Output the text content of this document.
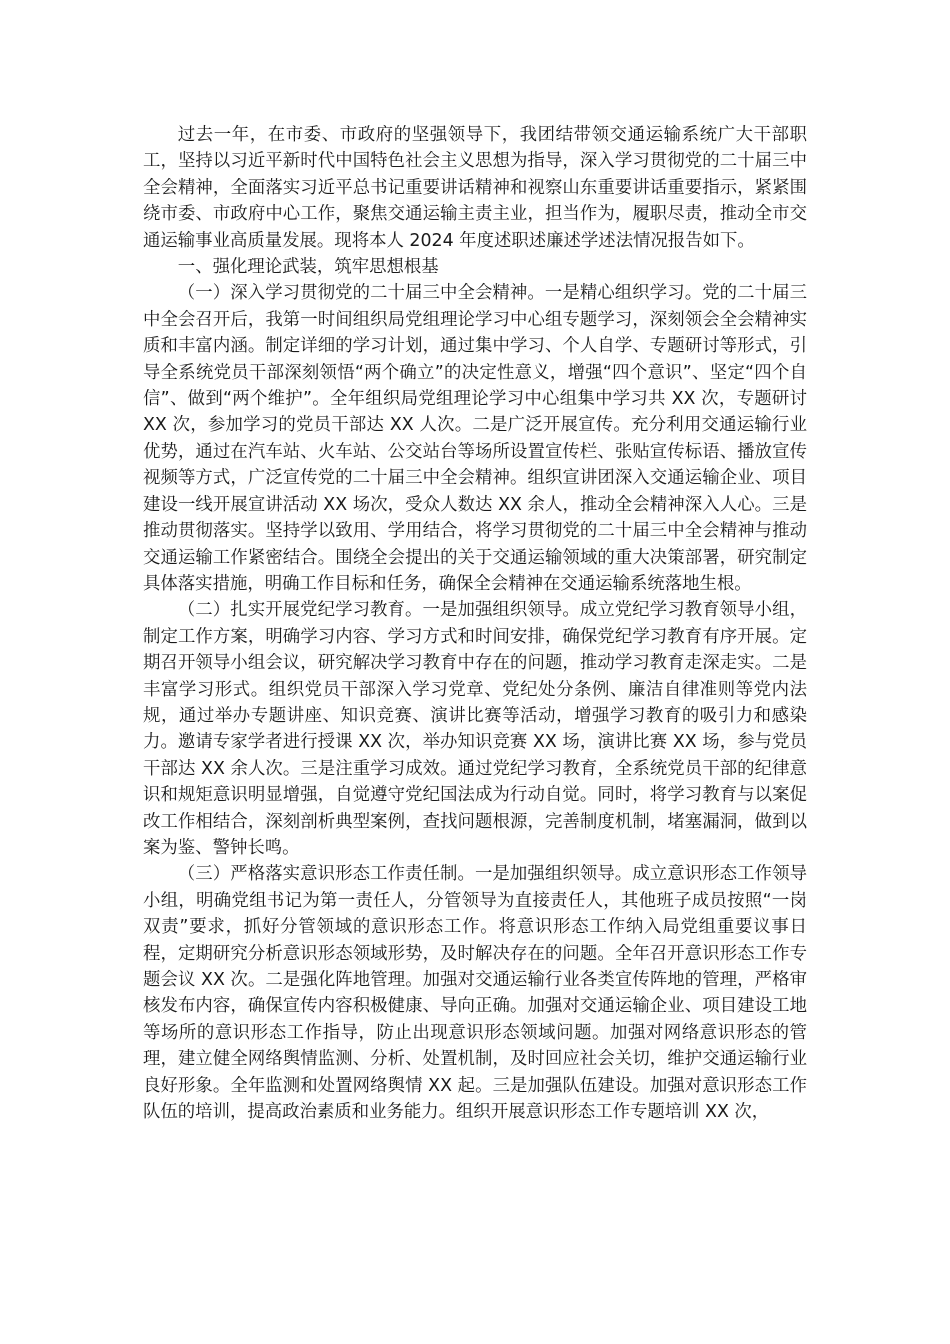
过去一年，在市委、市政府的坚强领导下，我团结带领交通运输系统广大干部职工，坚持以习近平新时代中国特色社会主义思想为指导，深入学习贯彻党的二十届三中全会精神，全面落实习近平总书记重要讲话精神和视察山东重要讲话重要指示，紧紧围绕市委、市政府中心工作，聚焦交通运输主责主业，担当作为，履职尽责，推动全市交通运输事业高质量发展。现将本人 2024 年度述职述廉述学述法情况报告如下。

一、强化理论武装，筑牢思想根基

（一）深入学习贯彻党的二十届三中全会精神。一是精心组织学习。党的二十届三中全会召开后，我第一时间组织局党组理论学习中心组专题学习，深刻领会全会精神实质和丰富内涵。制定详细的学习计划，通过集中学习、个人自学、专题研讨等形式，引导全系统党员干部深刻领悟“两个确立”的决定性意义，增强“四个意识”、坚定“四个自信”、做到“两个维护”。全年组织局党组理论学习中心组集中学习共 XX 次，专题研讨 XX 次，参加学习的党员干部达 XX 人次。二是广泛开展宣传。充分利用交通运输行业优势，通过在汽车站、火车站、公交站台等场所设置宣传栏、张贴宣传标语、播放宣传视频等方式，广泛宣传党的二十届三中全会精神。组织宣讲团深入交通运输企业、项目建设一线开展宣讲活动 XX 场次，受众人数达 XX 余人，推动全会精神深入人心。三是推动贯彻落实。坚持学以致用、学用结合，将学习贯彻党的二十届三中全会精神与推动交通运输工作紧密结合。围绕全会提出的关于交通运输领域的重大决策部署，研究制定具体落实措施，明确工作目标和任务，确保全会精神在交通运输系统落地生根。

（二）扎实开展党纪学习教育。一是加强组织领导。成立党纪学习教育领导小组，制定工作方案，明确学习内容、学习方式和时间安排，确保党纪学习教育有序开展。定期召开领导小组会议，研究解决学习教育中存在的问题，推动学习教育走深走实。二是丰富学习形式。组织党员干部深入学习党章、党纪处分条例、廉洁自律准则等党内法规，通过举办专题讲座、知识竞赛、演讲比赛等活动，增强学习教育的吸引力和感染力。邀请专家学者进行授课 XX 次，举办知识竞赛 XX 场，演讲比赛 XX 场，参与党员干部达 XX 余人次。三是注重学习成效。通过党纪学习教育，全系统党员干部的纪律意识和规矩意识明显增强，自觉遵守党纪国法成为行动自觉。同时，将学习教育与以案促改工作相结合，深刻剖析典型案例，查找问题根源，完善制度机制，堵塞漏洞，做到以案为鉴、警钟长鸣。

（三）严格落实意识形态工作责任制。一是加强组织领导。成立意识形态工作领导小组，明确党组书记为第一责任人，分管领导为直接责任人，其他班子成员按照“一岗双责”要求，抓好分管领域的意识形态工作。将意识形态工作纳入局党组重要议事日程，定期研究分析意识形态领域形势，及时解决存在的问题。全年召开意识形态工作专题会议 XX 次。二是强化阵地管理。加强对交通运输行业各类宣传阵地的管理，严格审核发布内容，确保宣传内容积极健康、导向正确。加强对交通运输企业、项目建设工地等场所的意识形态工作指导，防止出现意识形态领域问题。加强对网络意识形态的管理，建立健全网络舆情监测、分析、处置机制，及时回应社会关切，维护交通运输行业良好形象。全年监测和处置网络舆情 XX 起。三是加强队伍建设。加强对意识形态工作队伍的培训，提高政治素质和业务能力。组织开展意识形态工作专题培训 XX 次，
